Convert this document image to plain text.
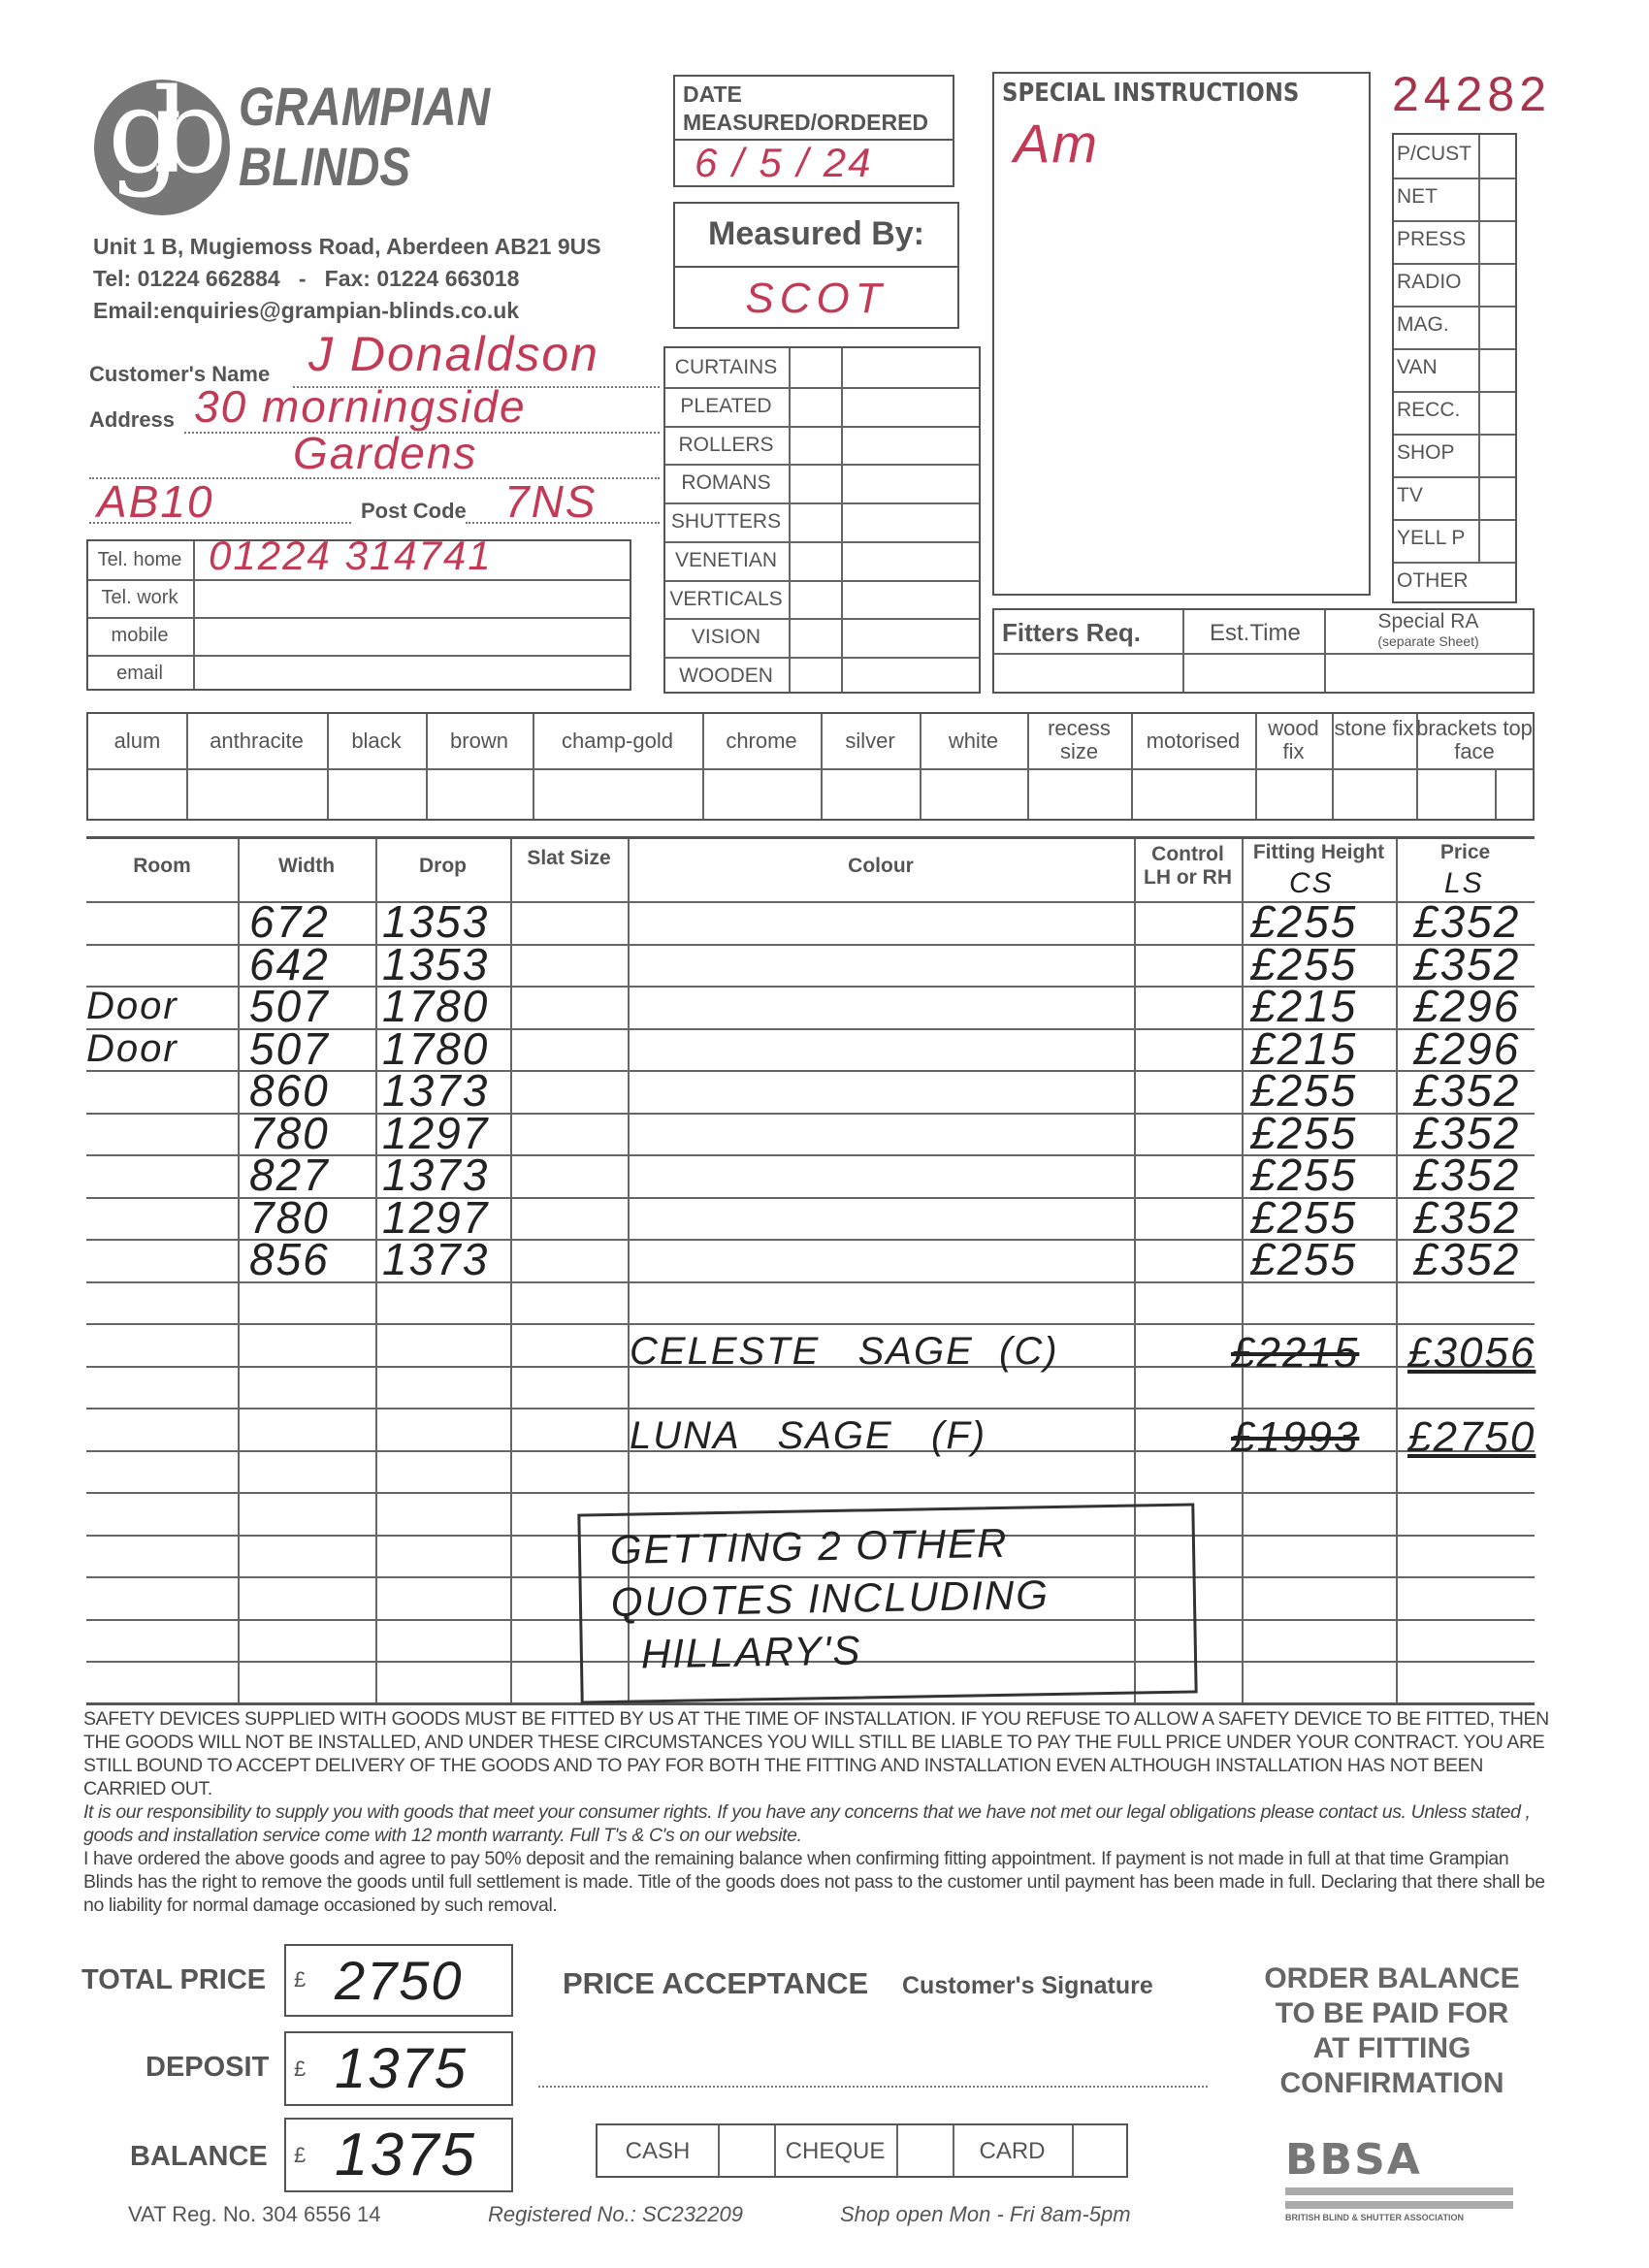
gb GRAMPIAN
BLINDS
Unit 1 B, Mugiemoss Road, Aberdeen AB21 9US
Tel: 01224 662884   -   Fax: 01224 663018
Email:enquiries@grampian-blinds.co.uk
DATE
MEASURED/ORDERED
6 / 5 / 24
Measured By:
SCOT
SPECIAL INSTRUCTIONS
Am
24282
P/CUST
NET
PRESS
RADIO
MAG.
VAN
RECC.
SHOP
TV
YELL P
OTHER
Fitters Req.	Est.Time	Special RA
(separate Sheet)
Customer's Name J Donaldson
Address 30 morningside
Gardens
AB10	Post Code 7NS
Tel. home 01224 314741
Tel. work
mobile
email
CURTAINS
PLEATED
ROLLERS
ROMANS
SHUTTERS
VENETIAN
VERTICALS
VISION
WOODEN
alum	anthracite	black	brown	champ-gold	chrome	silver	white
recess size	motorised
wood fix
stone fix brackets top face
Room	Width	Drop	Slat Size	Colour
Control LH or RH
Fitting Height	Price
CS	LS
672 1353	£255 £352
642 1353	£255 £352
Door 507 1780	£215 £296
Door 507 1780	£215 £296
860 1373	£255 £352
780 1297	£255 £352
827 1373	£255 £352
780 1297	£255 £352
856 1373	£255 £352
CELESTE   SAGE  (C)	£2215 £3056
LUNA   SAGE   (F)	£1993 £2750
GETTING 2 OTHER
QUOTES INCLUDING
HILLARY'S

SAFETY DEVICES SUPPLIED WITH GOODS MUST BE FITTED BY US AT THE TIME OF INSTALLATION. IF YOU REFUSE TO ALLOW A SAFETY DEVICE TO BE FITTED, THEN THE GOODS WILL NOT BE INSTALLED, AND UNDER THESE CIRCUMSTANCES YOU WILL STILL BE LIABLE TO PAY THE FULL PRICE UNDER YOUR CONTRACT. YOU ARE STILL BOUND TO ACCEPT DELIVERY OF THE GOODS AND TO PAY FOR BOTH THE FITTING AND INSTALLATION EVEN ALTHOUGH INSTALLATION HAS NOT BEEN CARRIED OUT.

It is our responsibility to supply you with goods that meet your consumer rights. If you have any concerns that we have not met our legal obligations please contact us. Unless stated , goods and installation service come with 12 month warranty. Full T's & C's on our website.

I have ordered the above goods and agree to pay 50% deposit and the remaining balance when confirming fitting appointment. If payment is not made in full at that time Grampian Blinds has the right to remove the goods until full settlement is made. Title of the goods does not pass to the customer until payment has been made in full. Declaring that there shall be no liability for normal damage occasioned by such removal.

TOTAL PRICE £ 2750
DEPOSIT £ 1375
BALANCE £ 1375
PRICE ACCEPTANCE Customer's Signature
CASH	CHEQUE	CARD
ORDER BALANCE
TO BE PAID FOR
AT FITTING
CONFIRMATION
BBSA
BRITISH BLIND & SHUTTER ASSOCIATION
VAT Reg. No. 304 6556 14	Registered No.: SC232209	Shop open Mon - Fri 8am-5pm
